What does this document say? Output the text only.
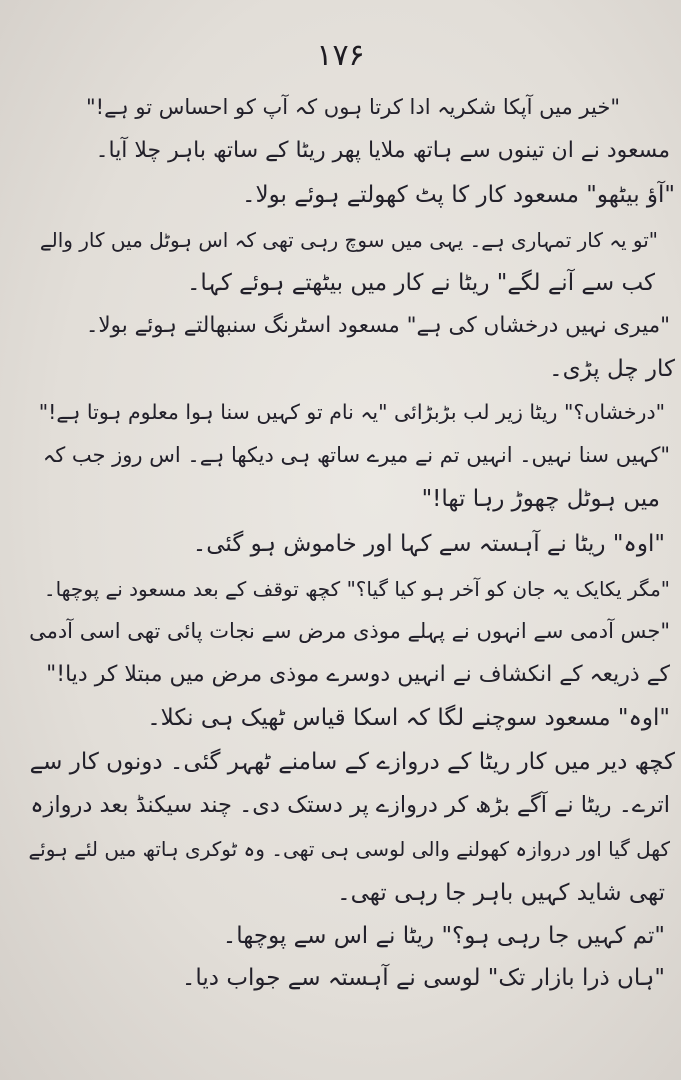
۱۷۶
"خیر میں آپکا شکریہ ادا کرتا ہوں کہ آپ کو احساس تو ہے!"
مسعود نے ان تینوں سے ہاتھ ملایا پھر ریٹا کے ساتھ باہر چلا آیا۔
"آؤ بیٹھو" مسعود کار کا پٹ کھولتے ہوئے بولا۔
"تو یہ کار تمہاری ہے۔ یہی میں سوچ رہی تھی کہ اس ہوٹل میں کار والے
کب سے آنے لگے" ریٹا نے کار میں بیٹھتے ہوئے کہا۔
"میری نہیں درخشاں کی ہے" مسعود اسٹرنگ سنبھالتے ہوئے بولا۔
کار چل پڑی۔
"درخشاں؟" ریٹا زیر لب بڑبڑائی "یہ نام تو کہیں سنا ہوا معلوم ہوتا ہے!"
"کہیں سنا نہیں۔ انہیں تم نے میرے ساتھ ہی دیکھا ہے۔ اس روز جب کہ
میں ہوٹل چھوڑ رہا تھا!"
"اوہ" ریٹا نے آہستہ سے کہا اور خاموش ہو گئی۔
"مگر یکایک یہ جان کو آخر ہو کیا گیا؟" کچھ توقف کے بعد مسعود نے پوچھا۔
"جس آدمی سے انہوں نے پہلے موذی مرض سے نجات پائی تھی اسی آدمی
کے ذریعہ کے انکشاف نے انہیں دوسرے موذی مرض میں مبتلا کر دیا!"
"اوہ" مسعود سوچنے لگا کہ اسکا قیاس ٹھیک ہی نکلا۔
کچھ دیر میں کار ریٹا کے دروازے کے سامنے ٹھہر گئی۔ دونوں کار سے
اترے۔ ریٹا نے آگے بڑھ کر دروازے پر دستک دی۔ چند سیکنڈ بعد دروازہ
کھل گیا اور دروازہ کھولنے والی لوسی ہی تھی۔ وہ ٹوکری ہاتھ میں لئے ہوئے
تھی شاید کہیں باہر جا رہی تھی۔
"تم کہیں جا رہی ہو؟" ریٹا نے اس سے پوچھا۔
"ہاں ذرا بازار تک" لوسی نے آہستہ سے جواب دیا۔
